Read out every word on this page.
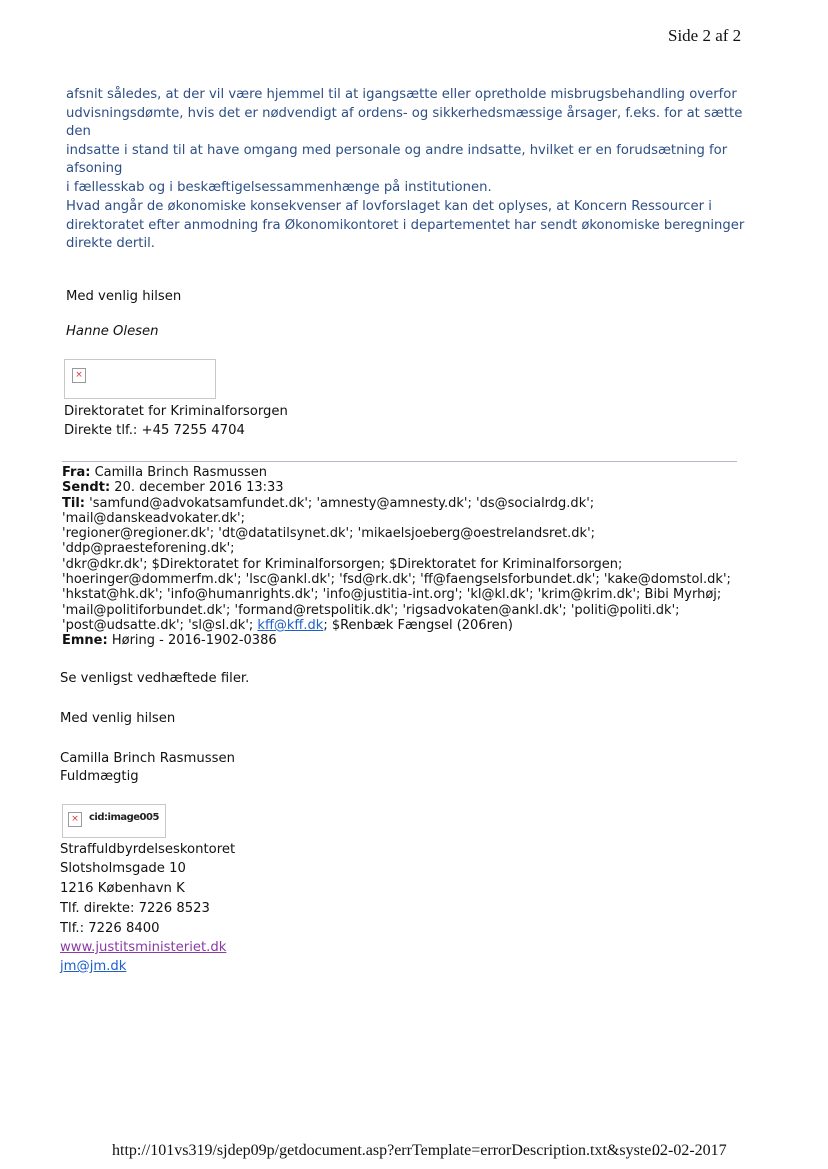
Side 2 af 2

afsnit således, at der vil være hjemmel til at igangsætte eller opretholde misbrugsbehandling overfor

udvisningsdømte, hvis det er nødvendigt af ordens- og sikkerhedsmæssige årsager, f.eks. for at sætte den

indsatte i stand til at have omgang med personale og andre indsatte, hvilket er en forudsætning for afsoning

i fællesskab og i beskæftigelsessammenhænge på institutionen.

Hvad angår de økonomiske konsekvenser af lovforslaget kan det oplyses, at Koncern Ressourcer i

direktoratet efter anmodning fra Økonomikontoret i departementet har sendt økonomiske beregninger

direkte dertil.

Med venlig hilsen
Hanne Olesen
×
Direktoratet for Kriminalforsorgen
Direkte tlf.: +45 7255 4704
Fra: Camilla Brinch Rasmussen
Sendt: 20. december 2016 13:33
Til: 'samfund@advokatsamfundet.dk'; 'amnesty@amnesty.dk'; 'ds@socialrdg.dk'; 'mail@danskeadvokater.dk';
'regioner@regioner.dk'; 'dt@datatilsynet.dk'; 'mikaelsjoeberg@oestrelandsret.dk'; 'ddp@praesteforening.dk';
'dkr@dkr.dk'; $Direktoratet for Kriminalforsorgen; $Direktoratet for Kriminalforsorgen;
'hoeringer@dommerfm.dk'; 'lsc@ankl.dk'; 'fsd@rk.dk'; 'ff@faengselsforbundet.dk'; 'kake@domstol.dk';
'hkstat@hk.dk'; 'info@humanrights.dk'; 'info@justitia-int.org'; 'kl@kl.dk'; 'krim@krim.dk'; Bibi Myrhøj;
'mail@politiforbundet.dk'; 'formand@retspolitik.dk'; 'rigsadvokaten@ankl.dk'; 'politi@politi.dk';
'post@udsatte.dk'; 'sl@sl.dk'; kff@kff.dk; $Renbæk Fængsel (206ren)
Emne: Høring - 2016-1902-0386
Se venligst vedhæftede filer.
Med venlig hilsen
Camilla Brinch Rasmussen
Fuldmægtig
×	cid:image005
Straffuldbyrdelseskontoret
Slotsholmsgade 10
1216 København K
Tlf. direkte: 7226 8523
Tlf.: 7226 8400
www.justitsministeriet.dk
jm@jm.dk
http://101vs319/sjdep09p/getdocument.asp?errTemplate=errorDescription.txt&syste...
02-02-2017
